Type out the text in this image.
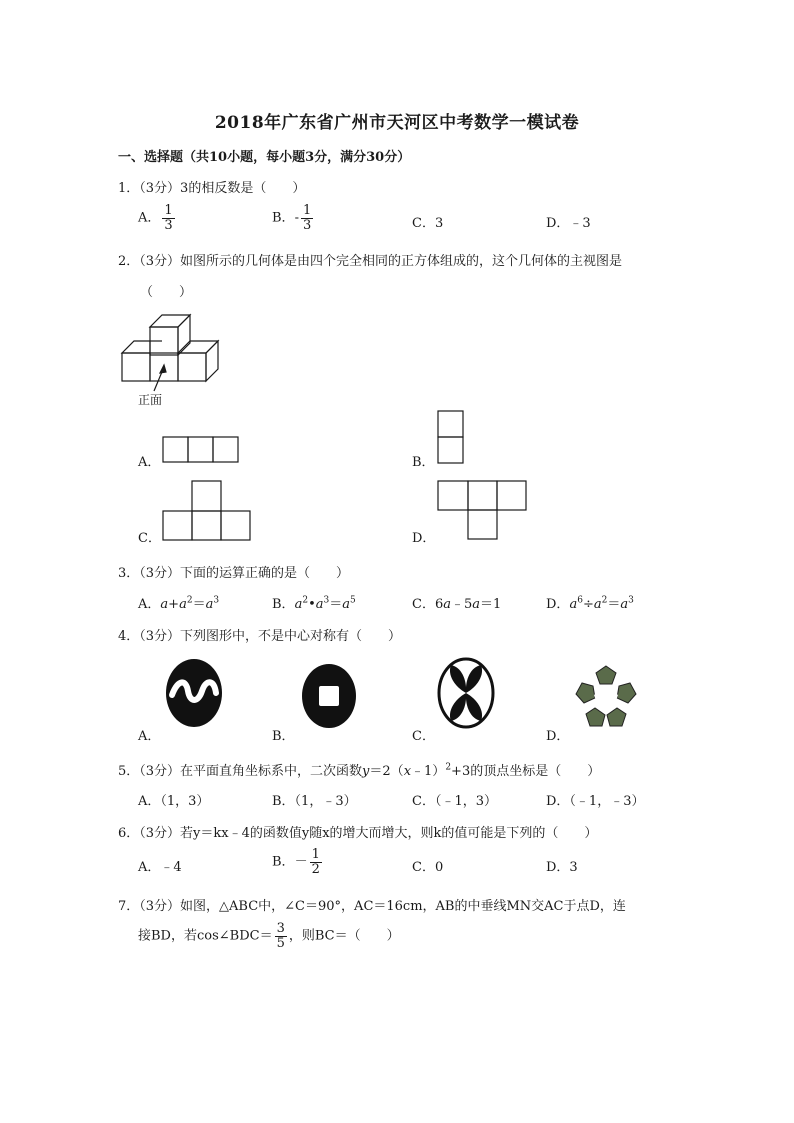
2018年广东省广州市天河区中考数学一模试卷
一、选择题（共10小题，每小题3分，满分30分）
1．（3分）3的相反数是（　　）
A． $\frac{1}{3}$	B．- $\frac{1}{3}$	C．3	D．﹣3
2．（3分）如图所示的几何体是由四个完全相同的正方体组成的，这个几何体的主视图是
（　　）
正面
A．	B．
C．	D．
3．（3分）下面的运算正确的是（　　）
A．$a+a^2=a^3$	B．$a^2•a^3=a^5$	C．6a﹣5a＝1	D．$a^6\div a^2=a^3$
4．（3分）下列图形中，不是中心对称有（　　）
A．	B．	C．	D．
5．（3分）在平面直角坐标系中，二次函数y＝2（x﹣1）$^2$+3的顶点坐标是（　　）
A．（1，3）	B．（1，﹣3）	C．（﹣1，3）	D．（﹣1，﹣3）
6．（3分）若y＝kx﹣4的函数值y随x的增大而增大，则k的值可能是下列的（　　）
A．﹣4	B．－ $\frac{1}{2}$	C．0	D．3
7．（3分）如图，△ABC中，∠C＝90°，AC＝16cm，AB的中垂线MN交AC于点D，连
接BD，若cos∠BDC＝ $\frac{3}{5}$ ，则BC＝（　　）
